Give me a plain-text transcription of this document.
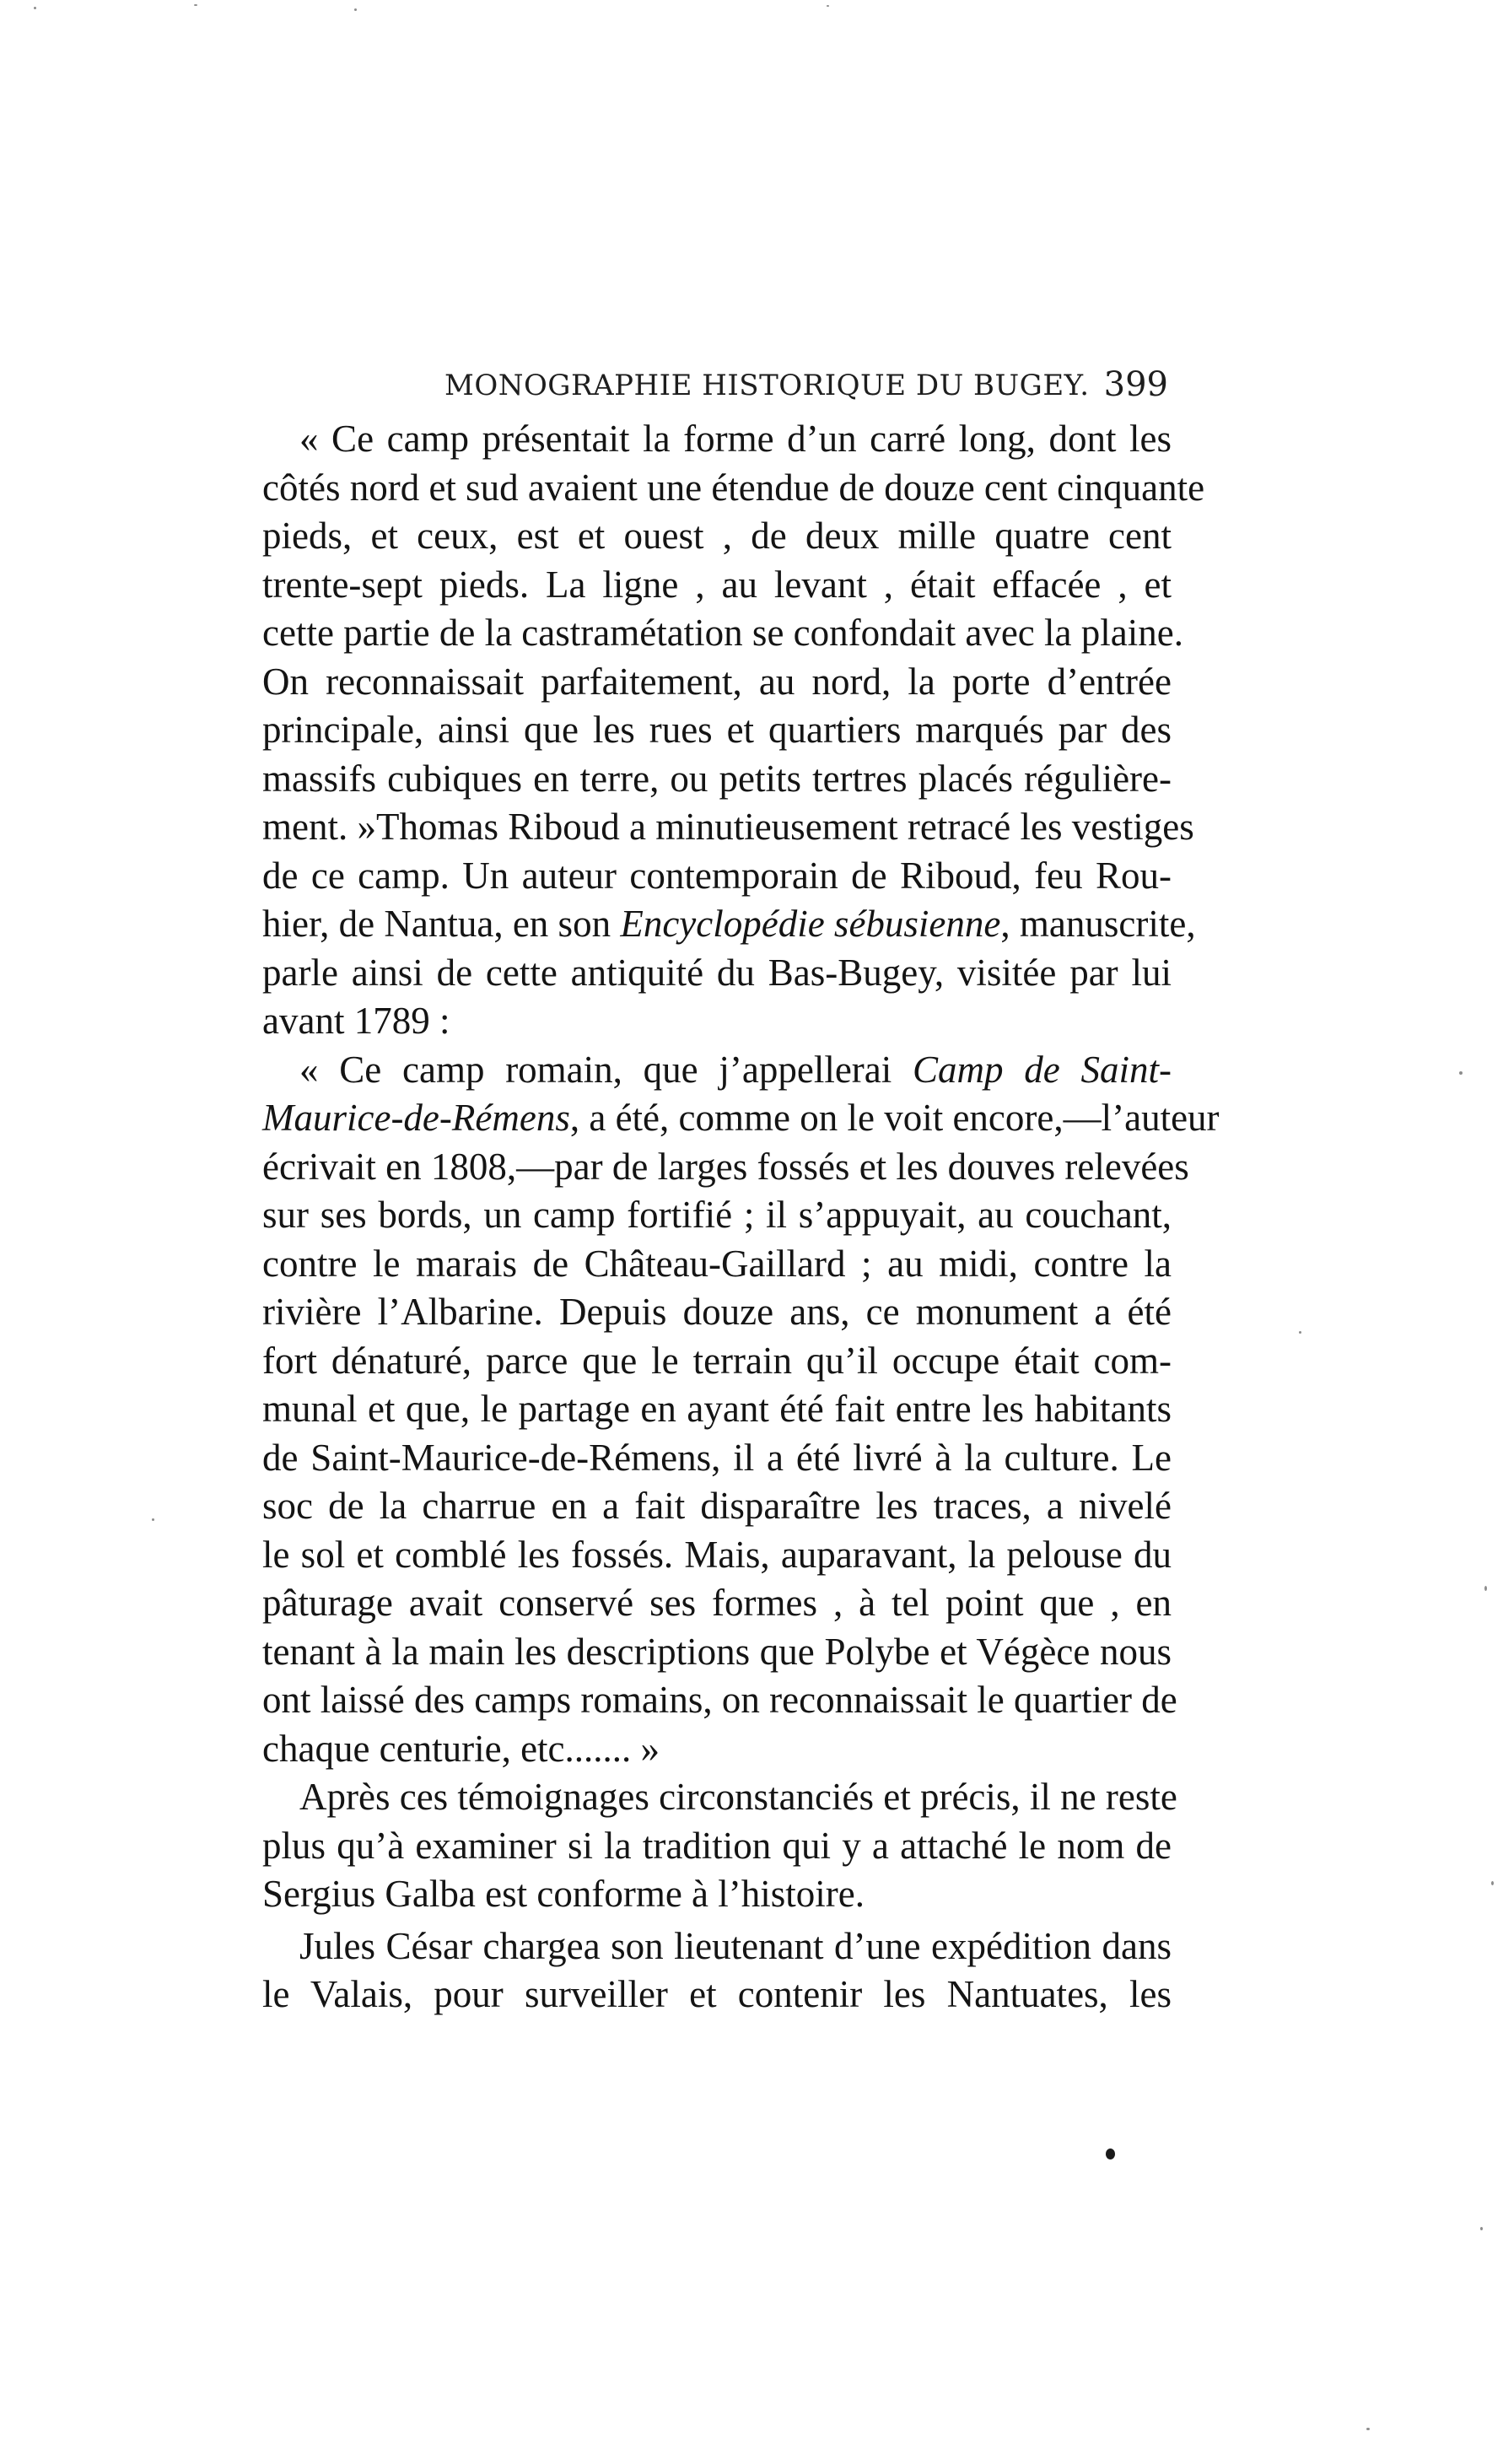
MONOGRAPHIE HISTORIQUE DU BUGEY. 399
« Ce camp présentait la forme d’un carré long, dont les
côtés nord et sud avaient une étendue de douze cent cinquante
pieds, et ceux, est et ouest , de deux mille quatre cent
trente-sept pieds. La ligne , au levant , était effacée , et
cette partie de la castramétation se confondait avec la plaine.
On reconnaissait parfaitement, au nord, la porte d’entrée
principale, ainsi que les rues et quartiers marqués par des
massifs cubiques en terre, ou petits tertres placés régulière-
ment. »Thomas Riboud a minutieusement retracé les vestiges
de ce camp. Un auteur contemporain de Riboud, feu Rou-
hier, de Nantua, en son Encyclopédie sébusienne, manuscrite,
parle ainsi de cette antiquité du Bas-Bugey, visitée par lui
avant 1789 :
« Ce camp romain, que j’appellerai Camp de Saint-
Maurice-de-Rémens, a été, comme on le voit encore,—l’auteur
écrivait en 1808,—par de larges fossés et les douves relevées
sur ses bords, un camp fortifié ; il s’appuyait, au couchant,
contre le marais de Château-Gaillard ; au midi, contre la
rivière l’Albarine. Depuis douze ans, ce monument a été
fort dénaturé, parce que le terrain qu’il occupe était com-
munal et que, le partage en ayant été fait entre les habitants
de Saint-Maurice-de-Rémens, il a été livré à la culture. Le
soc de la charrue en a fait disparaître les traces, a nivelé
le sol et comblé les fossés. Mais, auparavant, la pelouse du
pâturage avait conservé ses formes , à tel point que , en
tenant à la main les descriptions que Polybe et Végèce nous
ont laissé des camps romains, on reconnaissait le quartier de
chaque centurie, etc....... »
Après ces témoignages circonstanciés et précis, il ne reste
plus qu’à examiner si la tradition qui y a attaché le nom de
Sergius Galba est conforme à l’histoire.
Jules César chargea son lieutenant d’une expédition dans
le Valais, pour surveiller et contenir les Nantuates, les
